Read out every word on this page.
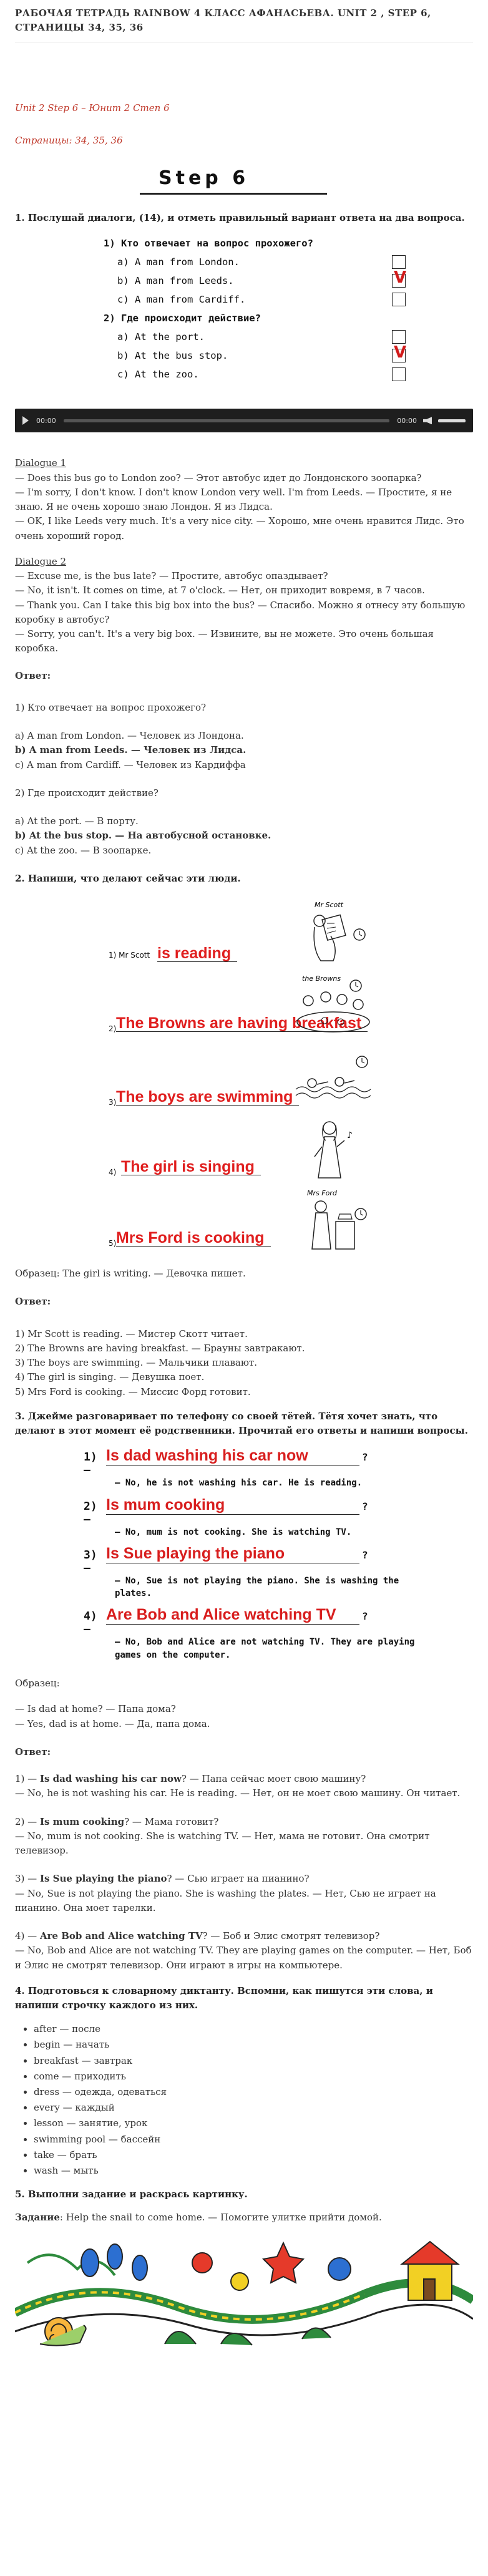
РАБОЧАЯ ТЕТРАДЬ RAINBOW 4 КЛАСС АФАНАСЬЕВА. UNIT 2 , STEP 6, СТРАНИЦЫ 34, 35, 36

Unit 2 Step 6 – Юнит 2 Степ 6

Страницы: 34, 35, 36

Step 6
1. Послушай диалоги, (14), и отметь правильный вариант ответа на два вопроса.
1) Кто отвечает на вопрос прохожего?
a) A man from London.
b) A man from Leeds.	V
c) A man from Cardiff.
2) Где происходит действие?
a) At the port.
b) At the bus stop.	V
c) At the zoo.
00:00	00:00

Dialogue 1

— Does this bus go to London zoo? — Этот автобус идет до Лондонского зоопарка?

— I'm sorry, I don't know. I don't know London very well. I'm from Leeds. — Простите, я не знаю. Я не очень хорошо знаю Лондон. Я из Лидса.

— OK, I like Leeds very much. It's a very nice city. — Хорошо, мне очень нравится Лидс. Это очень хороший город.

Dialogue 2

— Excuse me, is the bus late? — Простите, автобус опаздывает?

— No, it isn't. It comes on time, at 7 o'clock. — Нет, он приходит вовремя, в 7 часов.

— Thank you. Can I take this big box into the bus? — Спасибо. Можно я отнесу эту большую коробку в автобус?

— Sorry, you can't. It's a very big box. — Извините, вы не можете. Это очень большая коробка.

Ответ:

1) Кто отвечает на вопрос прохожего?

a) A man from London. — Человек из Лондона.

b) A man from Leeds. — Человек из Лидса.

c) A man from Cardiff. — Человек из Кардиффа

2) Где происходит действие?

a) At the port. — В порту.

b) At the bus stop. — На автобусной остановке.

c) At the zoo. — В зоопарке.

2. Напиши, что делают сейчас эти люди.
1) Mr Scott is reading
Mr Scott
2) The Browns are having breakfast
the Browns
3) The boys are swimming
4) The girl is singing
♪
5) Mrs Ford is cooking
Mrs Ford

Образец: The girl is writing. — Девочка пишет.

Ответ:

1) Mr Scott is reading. — Мистер Скотт читает.

2) The Browns are having breakfast. — Брауны завтракают.

3) The boys are swimming. — Мальчики плавают.

4) The girl is singing. — Девушка поет.

5) Mrs Ford is cooking. — Миссис Форд готовит.

3. Джейме разговаривает по телефону со своей тётей. Тётя хочет знать, что делают в этот момент её родственники. Прочитай его ответы и напиши вопросы.
1) —
Is dad washing his car now	?
— No, he is not washing his car. He is reading.
2) —
Is mum cooking	?
— No, mum is not cooking. She is watching TV.
3) —
Is Sue playing the piano	?
— No, Sue is not playing the piano. She is washing the plates.
4) —
Are Bob and Alice watching TV	?
— No, Bob and Alice are not watching TV. They are playing games on the computer.

Образец:

— Is dad at home? — Папа дома?

— Yes, dad is at home. — Да, папа дома.

Ответ:

1) — Is dad washing his car now? — Папа сейчас моет свою машину?

— No, he is not washing his car. He is reading. — Нет, он не моет свою машину. Он читает.

2) — Is mum cooking? — Мама готовит?

— No, mum is not cooking. She is watching TV. — Нет, мама не готовит. Она смотрит телевизор.

3) — Is Sue playing the piano? — Сью играет на пианино?

— No, Sue is not playing the piano. She is washing the plates. — Нет, Сью не играет на пианино. Она моет тарелки.

4) — Are Bob and Alice watching TV? — Боб и Элис смотрят телевизор?

— No, Bob and Alice are not watching TV. They are playing games on the computer. — Нет, Боб и Элис не смотрят телевизор. Они играют в игры на компьютере.

4. Подготовься к словарному диктанту. Вспомни, как пишутся эти слова, и напиши строчку каждого из них.
• after — после
• begin — начать
• breakfast — завтрак
• come — приходить
• dress — одежда, одеваться
• every — каждый
• lesson — занятие, урок
• swimming pool — бассейн
• take — брать
• wash — мыть
5. Выполни задание и раскрась картинку.

Задание: Help the snail to come home. — Помогите улитке прийти домой.
